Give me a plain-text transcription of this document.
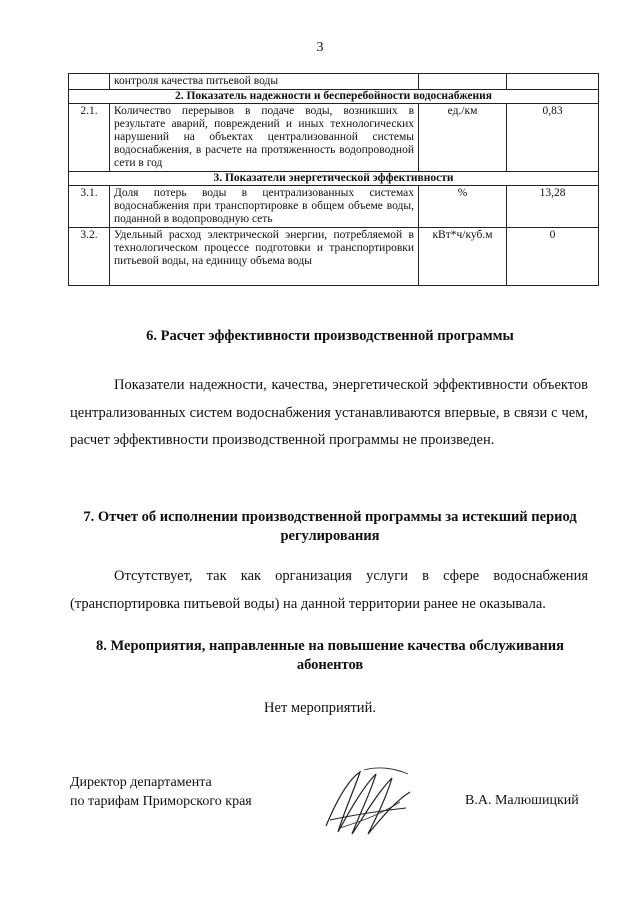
3
	контроля качества питьевой воды		
2. Показатель надежности и бесперебойности водоснабжения			
2.1.	Количество перерывов в подаче воды, возникших в результате аварий, повреждений и иных технологических нарушений на объектах централизованной системы водоснабжения, в расчете на протяженность водопроводной сети в год	ед./км	0,83
3. Показатели энергетической эффективности			
3.1.	Доля потерь воды в централизованных системах водоснабжения при транспортировке в общем объеме воды, поданной в водопроводную сеть	%	13,28
3.2.	Удельный расход электрической энергии, потребляемой в технологическом процессе подготовки и транспортировки питьевой воды, на единицу объема воды	кВт*ч/куб.м	0
6. Расчет эффективности производственной программы
Показатели надежности, качества, энергетической эффективности объектов централизованных систем водоснабжения устанавливаются впервые, в связи с чем, расчет эффективности производственной программы не произведен.
7. Отчет об исполнении производственной программы за истекший период регулирования
Отсутствует, так как организация услуги в сфере водоснабжения (транспортировка питьевой воды) на данной территории ранее не оказывала.
8. Мероприятия, направленные на повышение качества обслуживания абонентов
Нет мероприятий.
Директор департамента
по тарифам Приморского края	В.А. Малюшицкий
